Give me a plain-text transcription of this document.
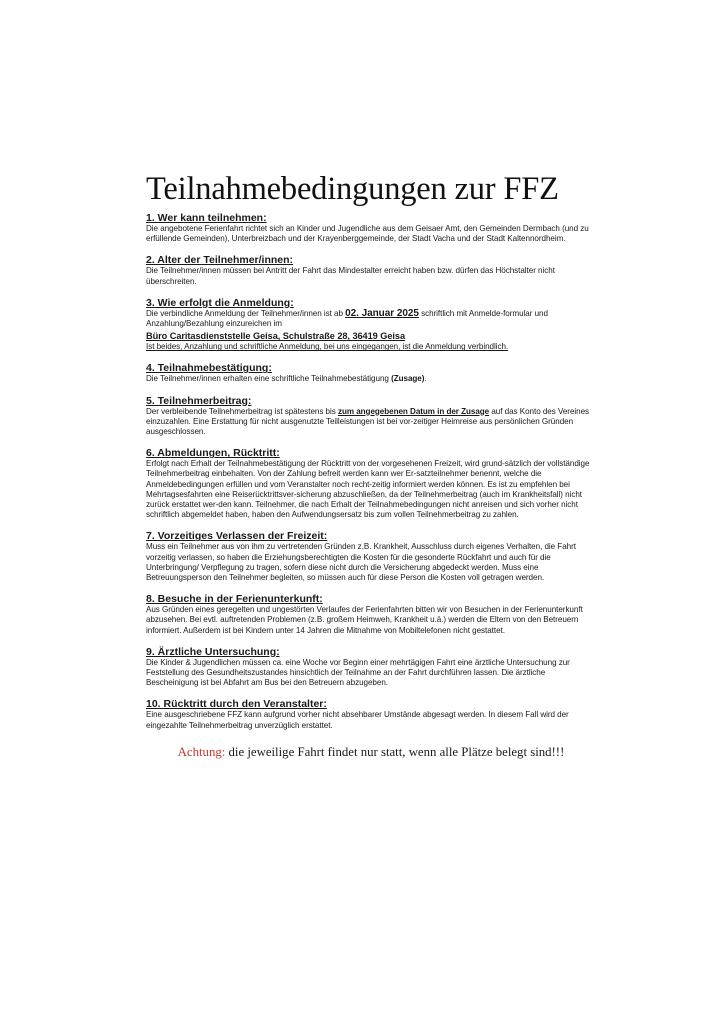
Teilnahmebedingungen zur FFZ

1. Wer kann teilnehmen:

Die angebotene Ferienfahrt richtet sich an Kinder und Jugendliche aus dem Geisaer Amt, den Gemeinden Dermbach (und zu erfüllende Gemeinden), Unterbreizbach und der Krayenberggemeinde, der Stadt Vacha und der Stadt Kaltennordheim.

2. Alter der Teilnehmer/innen:

Die Teilnehmer/innen müssen bei Antritt der Fahrt das Mindestalter erreicht haben bzw. dürfen das Höchstalter nicht überschreiten.

3. Wie erfolgt die Anmeldung:

Die verbindliche Anmeldung der Teilnehmer/innen ist ab 02. Januar 2025 schriftlich mit Anmelde-formular und Anzahlung/Bezahlung einzureichen im
Büro Caritasdienststelle Geisa, Schulstraße 28, 36419 Geisa
Ist beides, Anzahlung und schriftliche Anmeldung, bei uns eingegangen, ist die Anmeldung verbindlich.

4. Teilnahmebestätigung:

Die Teilnehmer/innen erhalten eine schriftliche Teilnahmebestätigung (Zusage).

5. Teilnehmerbeitrag:

Der verbleibende Teilnehmerbeitrag ist spätestens bis zum angegebenen Datum in der Zusage auf das Konto des Vereines einzuzahlen. Eine Erstattung für nicht ausgenutzte Teilleistungen ist bei vor-zeitiger Heimreise aus persönlichen Gründen ausgeschlossen.

6. Abmeldungen, Rücktritt:

Erfolgt nach Erhalt der Teilnahmebestätigung der Rücktritt von der vorgesehenen Freizeit, wird grund-sätzlich der vollständige Teilnehmerbeitrag einbehalten. Von der Zahlung befreit werden kann wer Er-satzteilnehmer benennt, welche die Anmeldebedingungen erfüllen und vom Veranstalter noch recht-zeitig informiert werden können. Es ist zu empfehlen bei Mehrtagsesfahrten eine Reiserücktrittsver-sicherung abzuschließen, da der Teilnehmerbeitrag (auch im Krankheitsfall) nicht zurück erstattet wer-den kann. Teilnehmer, die nach Erhalt der Teilnahmebedingungen nicht anreisen und sich vorher nicht schriftlich abgemeldet haben, haben den Aufwendungsersatz bis zum vollen Teilnehmerbeitrag zu zahlen.

7. Vorzeitiges Verlassen der Freizeit:

Muss ein Teilnehmer aus von ihm zu vertretenden Gründen z.B. Krankheit, Ausschluss durch eigenes Verhalten, die Fahrt vorzeitig verlassen, so haben die Erziehungsberechtigten die Kosten für die gesonderte Rückfahrt und auch für die Unterbringung/ Verpflegung zu tragen, sofern diese nicht durch die Versicherung abgedeckt werden. Muss eine Betreuungsperson den Teilnehmer begleiten, so müssen auch für diese Person die Kosten voll getragen werden.

8. Besuche in der Ferienunterkunft:

Aus Gründen eines geregelten und ungestörten Verlaufes der Ferienfahrten bitten wir von Besuchen in der Ferienunterkunft abzusehen. Bei evtl. auftretenden Problemen (z.B. großem Heimweh, Krankheit u.ä.) werden die Eltern von den Betreuern informiert. Außerdem ist bei Kindern unter 14 Jahren die Mitnahme von Mobiltelefonen nicht gestattet.

9. Ärztliche Untersuchung:

Die Kinder & Jugendlichen müssen ca. eine Woche vor Beginn einer mehrtägigen Fahrt eine ärztliche Untersuchung zur Feststellung des Gesundheitszustandes hinsichtlich der Teilnahme an der Fahrt durchführen lassen. Die ärztliche Bescheinigung ist bei Abfahrt am Bus bei den Betreuern abzugeben.

10. Rücktritt durch den Veranstalter:

Eine ausgeschriebene FFZ kann aufgrund vorher nicht absehbarer Umstände abgesagt werden. In diesem Fall wird der eingezahlte Teilnehmerbeitrag unverzüglich erstattet.

Achtung: die jeweilige Fahrt findet nur statt, wenn alle Plätze belegt sind!!!
